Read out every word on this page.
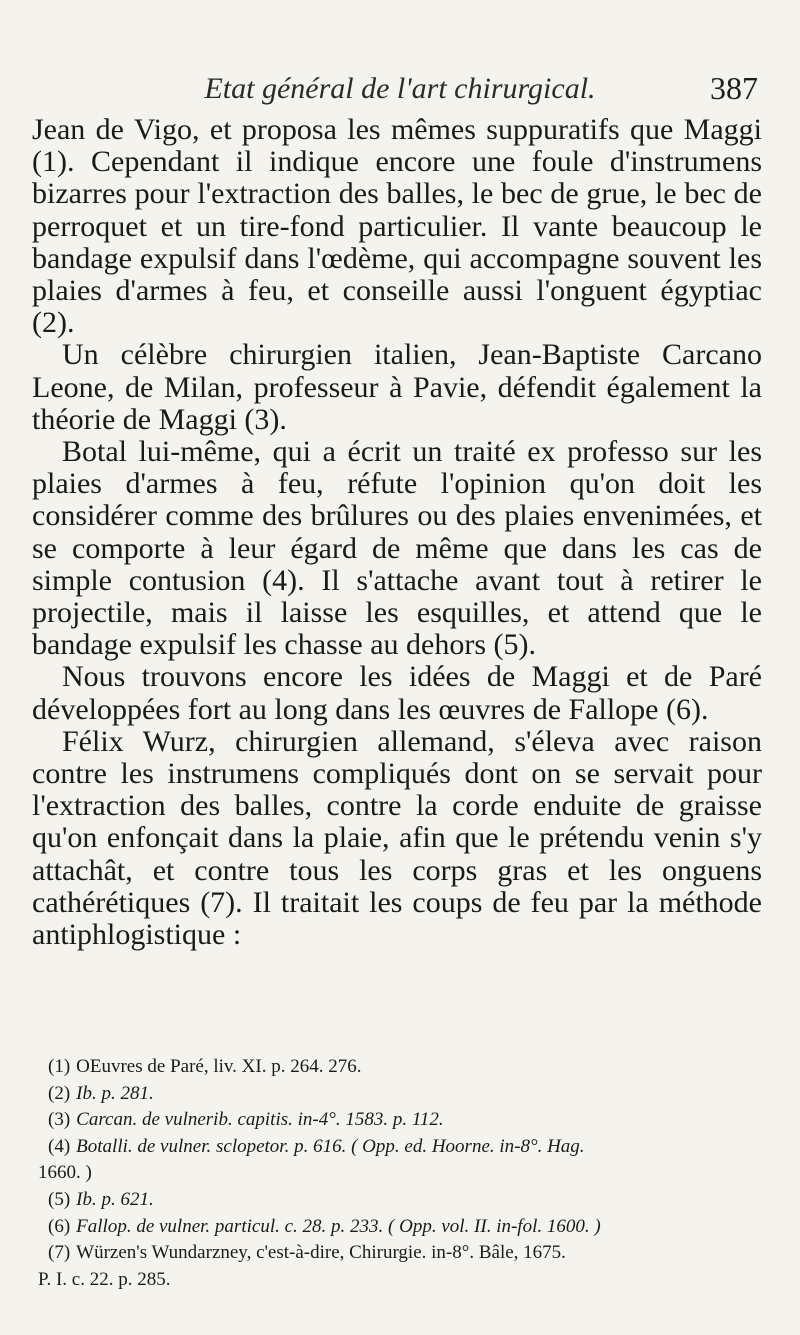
Etat général de l'art chirurgical.	387

Jean de Vigo, et proposa les mêmes suppuratifs que Maggi (1). Cependant il indique encore une foule d'instrumens bizarres pour l'extraction des balles, le bec de grue, le bec de perroquet et un tire-fond particulier. Il vante beaucoup le bandage expulsif dans l'œdème, qui accompagne souvent les plaies d'armes à feu, et conseille aussi l'onguent égyptiac (2).

Un célèbre chirurgien italien, Jean-Baptiste Carcano Leone, de Milan, professeur à Pavie, défendit également la théorie de Maggi (3).

Botal lui-même, qui a écrit un traité ex professo sur les plaies d'armes à feu, réfute l'opinion qu'on doit les considérer comme des brûlures ou des plaies envenimées, et se comporte à leur égard de même que dans les cas de simple contusion (4). Il s'attache avant tout à retirer le projectile, mais il laisse les esquilles, et attend que le bandage expulsif les chasse au dehors (5).

Nous trouvons encore les idées de Maggi et de Paré développées fort au long dans les œuvres de Fallope (6).

Félix Wurz, chirurgien allemand, s'éleva avec raison contre les instrumens compliqués dont on se servait pour l'extraction des balles, contre la corde enduite de graisse qu'on enfonçait dans la plaie, afin que le prétendu venin s'y attachât, et contre tous les corps gras et les onguens cathérétiques (7). Il traitait les coups de feu par la méthode antiphlogistique :

(1) OEuvres de Paré, liv. XI. p. 264. 276.

(2) Ib. p. 281.

(3) Carcan. de vulnerib. capitis. in-4°. 1583. p. 112.

(4) Botalli. de vulner. sclopetor. p. 616. ( Opp. ed. Hoorne. in-8°. Hag.

1660. )

(5) Ib. p. 621.

(6) Fallop. de vulner. particul. c. 28. p. 233. ( Opp. vol. II. in-fol. 1600. )

(7) Würzen's Wundarzney, c'est-à-dire, Chirurgie. in-8°. Bâle, 1675.

P. I. c. 22. p. 285.
